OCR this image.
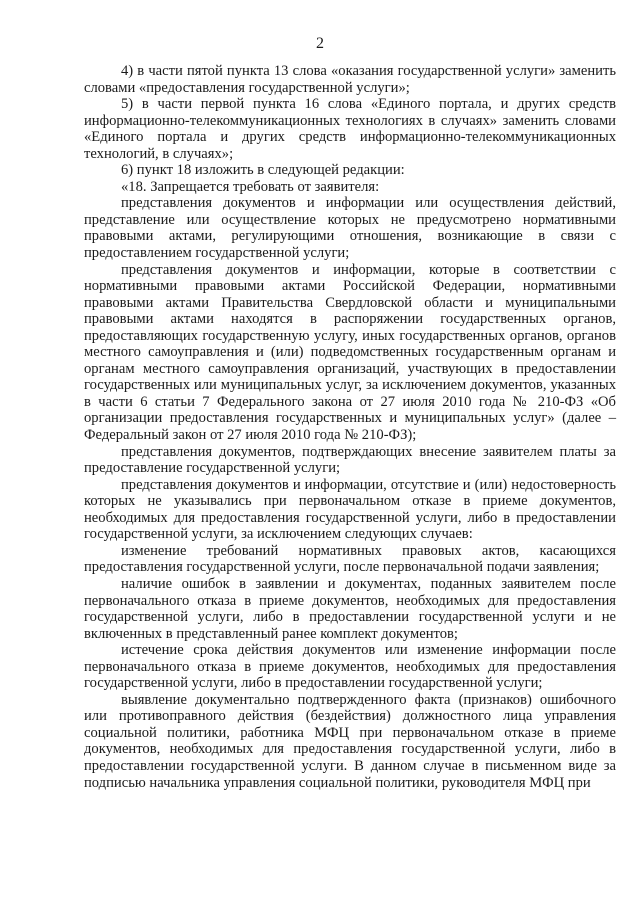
2

4) в части пятой пункта 13 слова «оказания государственной услуги» заменить словами «предоставления государственной услуги»;

5) в части первой пункта 16 слова «Единого портала, и других средств информационно-телекоммуникационных технологиях в случаях» заменить словами «Единого портала и других средств информационно-телекоммуникационных технологий, в случаях»;

6) пункт 18 изложить в следующей редакции:

«18. Запрещается требовать от заявителя:

представления документов и информации или осуществления действий, представление или осуществление которых не предусмотрено нормативными правовыми актами, регулирующими отношения, возникающие в связи с предоставлением государственной услуги;

представления документов и информации, которые в соответствии с нормативными правовыми актами Российской Федерации, нормативными правовыми актами Правительства Свердловской области и муниципальными правовыми актами находятся в распоряжении государственных органов, предоставляющих государственную услугу, иных государственных органов, органов местного самоуправления и (или) подведомственных государственным органам и органам местного самоуправления организаций, участвующих в предоставлении государственных или муниципальных услуг, за исключением документов, указанных в части 6 статьи 7 Федерального закона от 27 июля 2010 года № 210-ФЗ «Об организации предоставления государственных и муниципальных услуг» (далее – Федеральный закон от 27 июля 2010 года № 210-ФЗ);

представления документов, подтверждающих внесение заявителем платы за предоставление государственной услуги;

представления документов и информации, отсутствие и (или) недостоверность которых не указывались при первоначальном отказе в приеме документов, необходимых для предоставления государственной услуги, либо в предоставлении государственной услуги, за исключением следующих случаев:

изменение требований нормативных правовых актов, касающихся предоставления государственной услуги, после первоначальной подачи заявления;

наличие ошибок в заявлении и документах, поданных заявителем после первоначального отказа в приеме документов, необходимых для предоставления государственной услуги, либо в предоставлении государственной услуги и не включенных в представленный ранее комплект документов;

истечение срока действия документов или изменение информации после первоначального отказа в приеме документов, необходимых для предоставления государственной услуги, либо в предоставлении государственной услуги;

выявление документально подтвержденного факта (признаков) ошибочного или противоправного действия (бездействия) должностного лица управления социальной политики, работника МФЦ при первоначальном отказе в приеме документов, необходимых для предоставления государственной услуги, либо в предоставлении государственной услуги. В данном случае в письменном виде за подписью начальника управления социальной политики, руководителя МФЦ при
